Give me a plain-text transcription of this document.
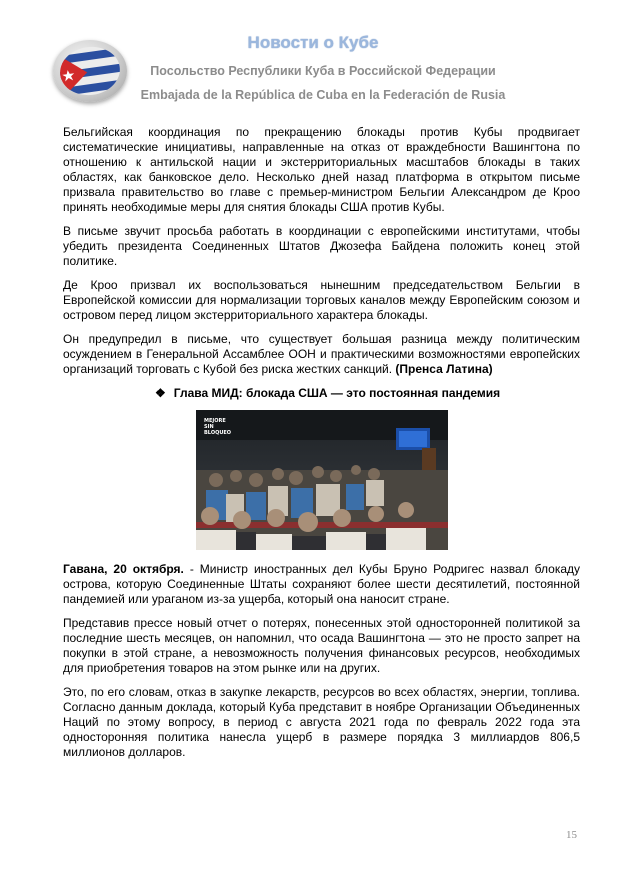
Новости о Кубе
Посольство Республики Куба в Российской Федерации
Embajada de la República de Cuba en la Federación de Rusia

Бельгийская координация по прекращению блокады против Кубы продвигает систематические инициативы, направленные на отказ от враждебности Вашингтона по отношению к антильской нации и экстерриториальных масштабов блокады в таких областях, как банковское дело. Несколько дней назад платформа в открытом письме призвала правительство во главе с премьер-министром Бельгии Александром де Кроо принять необходимые меры для снятия блокады США против Кубы.

В письме звучит просьба работать в координации с европейскими институтами, чтобы убедить президента Соединенных Штатов Джозефа Байдена положить конец этой политике.

Де Кроо призвал их воспользоваться нынешним председательством Бельгии в Европейской комиссии для нормализации торговых каналов между Европейским союзом и островом перед лицом экстерриториального характера блокады.

Он предупредил в письме, что существует большая разница между политическим осуждением в Генеральной Ассамблее ООН и практическими возможностями европейских организаций торговать с Кубой без риска жестких санкций. (Пренса Латина)

❖ Глава МИД: блокада США — это постоянная пандемия
MEJORE
SIN
BLOQUEO

Гавана, 20 октября. - Министр иностранных дел Кубы Бруно Родригес назвал блокаду острова, которую Соединенные Штаты сохраняют более шести десятилетий, постоянной пандемией или ураганом из-за ущерба, который она наносит стране.

Представив прессе новый отчет о потерях, понесенных этой односторонней политикой за последние шесть месяцев, он напомнил, что осада Вашингтона — это не просто запрет на покупки в этой стране, а невозможность получения финансовых ресурсов, необходимых для приобретения товаров на этом рынке или на других.

Это, по его словам, отказ в закупке лекарств, ресурсов во всех областях, энергии, топлива. Согласно данным доклада, который Куба представит в ноябре Организации Объединенных Наций по этому вопросу, в период с августа 2021 года по февраль 2022 года эта односторонняя политика нанесла ущерб в размере порядка 3 миллиардов 806,5 миллионов долларов.

15
